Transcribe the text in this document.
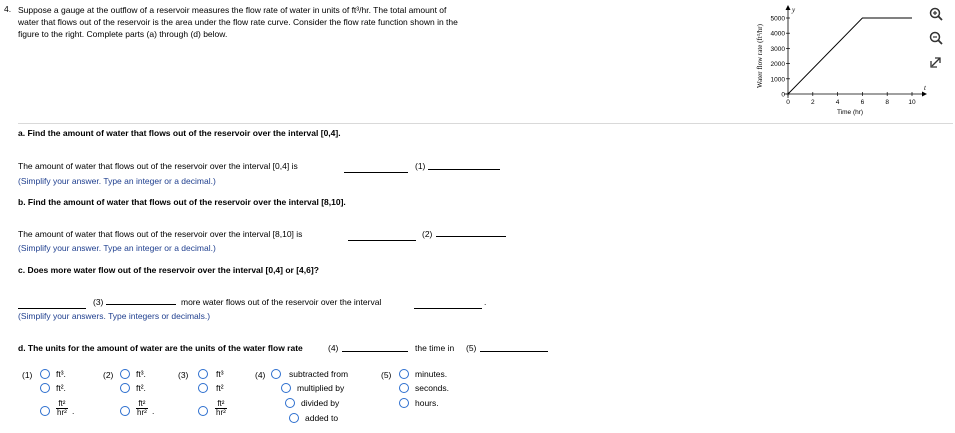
4. Suppose a gauge at the outflow of a reservoir measures the flow rate of water in units of ft³/hr. The total amount of
water that flows out of the reservoir is the area under the flow rate curve. Consider the flow rate function shown in the
figure to the right. Complete parts (a) through (d) below.
y
t
0
1000
2000
3000
4000
5000
0	2	4	6	8	10
Time (hr)
Water flow rate (ft³/hr)
a. Find the amount of water that flows out of the reservoir over the interval [0,4].
The amount of water that flows out of the reservoir over the interval [0,4] is	(1)
(Simplify your answer. Type an integer or a decimal.)
b. Find the amount of water that flows out of the reservoir over the interval [8,10].
The amount of water that flows out of the reservoir over the interval [8,10] is	(2)
(Simplify your answer. Type an integer or a decimal.)
c. Does more water flow out of the reservoir over the interval [0,4] or [4,6]?
(3)	more water flows out of the reservoir over the interval	.
(Simplify your answers. Type integers or decimals.)
d. The units for the amount of water are the units of the water flow rate	(4)	the time in (5)
(1)	ft³.
ft².
$\frac{\text{ft²}}{\text{hr²}}$ .
(2)	ft³.
ft².
$\frac{\text{ft²}}{\text{hr²}}$ .
(3)	ft³
ft²
$\frac{\text{ft²}}{\text{hr²}}$
(4)	subtracted from
multiplied by
divided by
added to
(5)	minutes.
seconds.
hours.
